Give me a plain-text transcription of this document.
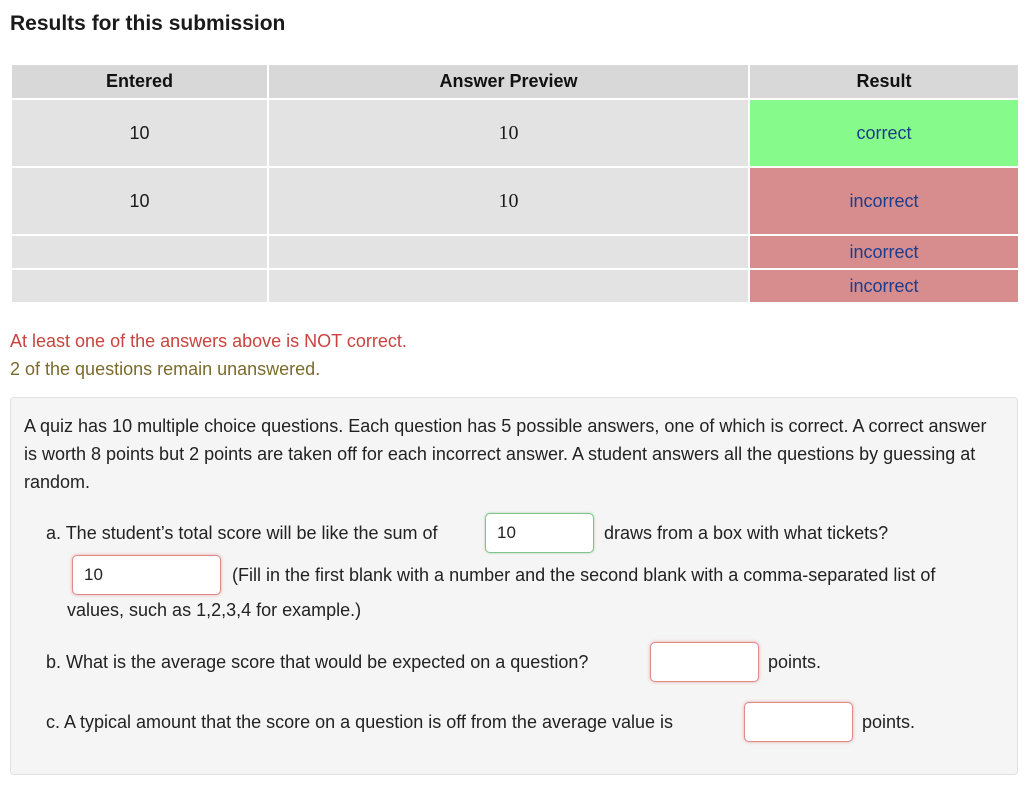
Results for this submission
Entered	Answer Preview	Result
10	10	correct
10	10	incorrect
		incorrect
		incorrect

At least one of the answers above is NOT correct.

2 of the questions remain unanswered.

A quiz has 10 multiple choice questions. Each question has 5 possible answers, one of which is correct. A correct answer is worth 8 points but 2 points are taken off for each incorrect answer. A student answers all the questions by guessing at random.

a. The student’s total score will be like the sum of	10	draws from a box with what tickets?
10	(Fill in the first blank with a number and the second blank with a comma-separated list of
values, such as 1,2,3,4 for example.)
b. What is the average score that would be expected on a question?	points.
c. A typical amount that the score on a question is off from the average value is	points.
